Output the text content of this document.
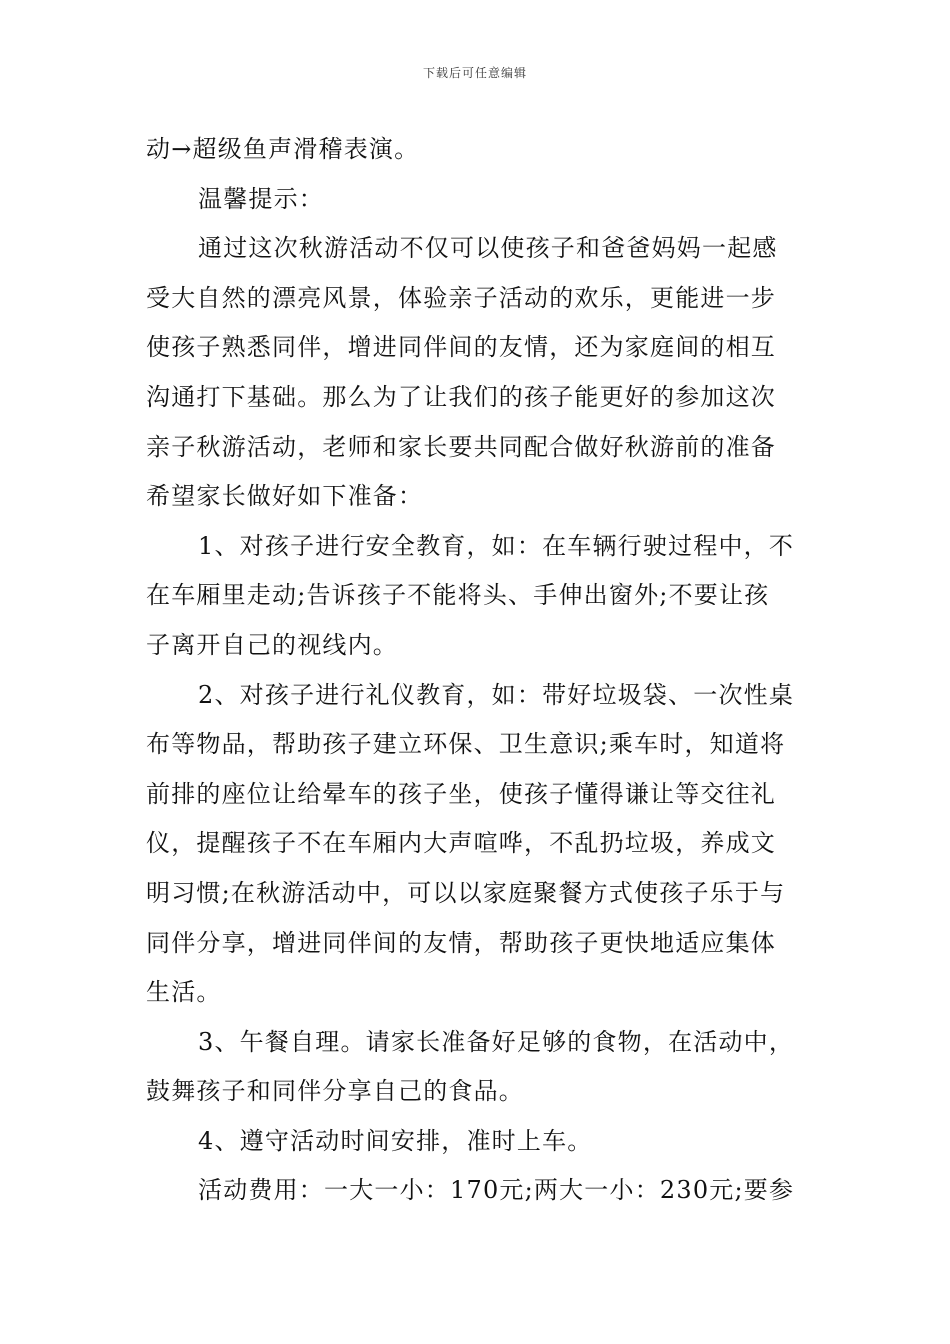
下载后可任意编辑
动→超级鱼声滑稽表演。
温馨提示：
通过这次秋游活动不仅可以使孩子和爸爸妈妈一起感
受大自然的漂亮风景，体验亲子活动的欢乐，更能进一步
使孩子熟悉同伴，增进同伴间的友情，还为家庭间的相互
沟通打下基础。那么为了让我们的孩子能更好的参加这次
亲子秋游活动，老师和家长要共同配合做好秋游前的准备
希望家长做好如下准备：
1、对孩子进行安全教育，如：在车辆行驶过程中，不
在车厢里走动;告诉孩子不能将头、手伸出窗外;不要让孩
子离开自己的视线内。
2、对孩子进行礼仪教育，如：带好垃圾袋、一次性桌
布等物品，帮助孩子建立环保、卫生意识;乘车时，知道将
前排的座位让给晕车的孩子坐，使孩子懂得谦让等交往礼
仪，提醒孩子不在车厢内大声喧哗，不乱扔垃圾，养成文
明习惯;在秋游活动中，可以以家庭聚餐方式使孩子乐于与
同伴分享，增进同伴间的友情，帮助孩子更快地适应集体
生活。
3、午餐自理。请家长准备好足够的食物，在活动中，
鼓舞孩子和同伴分享自己的食品。
4、遵守活动时间安排，准时上车。
活动费用：一大一小：170元;两大一小：230元;要参
